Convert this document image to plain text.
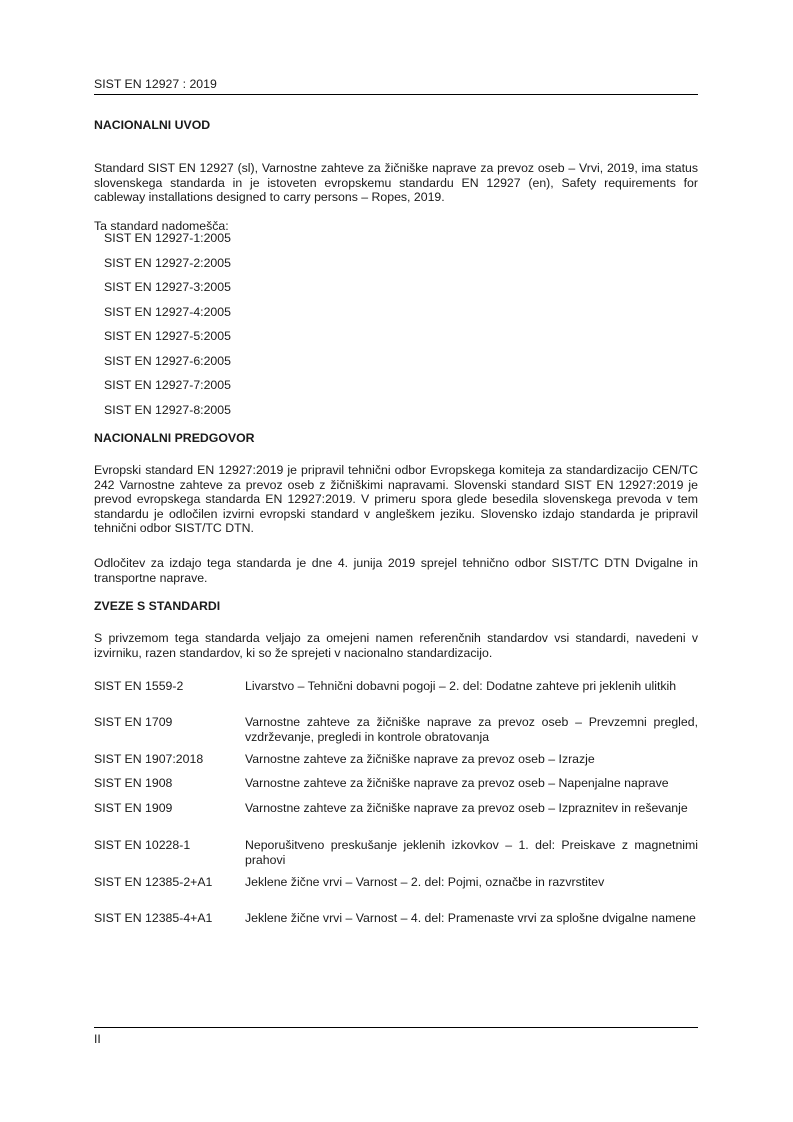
SIST EN 12927 : 2019
NACIONALNI UVOD

Standard SIST EN 12927 (sl), Varnostne zahteve za žičniške naprave za prevoz oseb – Vrvi, 2019, ima status slovenskega standarda in je istoveten evropskemu standardu EN 12927 (en), Safety requirements for cableway installations designed to carry persons – Ropes, 2019.

Ta standard nadomešča:
SIST EN 12927-1:2005
SIST EN 12927-2:2005
SIST EN 12927-3:2005
SIST EN 12927-4:2005
SIST EN 12927-5:2005
SIST EN 12927-6:2005
SIST EN 12927-7:2005
SIST EN 12927-8:2005
NACIONALNI PREDGOVOR

Evropski standard EN 12927:2019 je pripravil tehnični odbor Evropskega komiteja za standardizacijo CEN/TC 242 Varnostne zahteve za prevoz oseb z žičniškimi napravami. Slovenski standard SIST EN 12927:2019 je prevod evropskega standarda EN 12927:2019. V primeru spora glede besedila slovenskega prevoda v tem standardu je odločilen izvirni evropski standard v angleškem jeziku. Slovensko izdajo standarda je pripravil tehnični odbor SIST/TC DTN.

Odločitev za izdajo tega standarda je dne 4. junija 2019 sprejel tehnično odbor SIST/TC DTN Dvigalne in transportne naprave.

ZVEZE S STANDARDI

S privzemom tega standarda veljajo za omejeni namen referenčnih standardov vsi standardi, navedeni v izvirniku, razen standardov, ki so že sprejeti v nacionalno standardizacijo.

SIST EN 1559-2	Livarstvo – Tehnični dobavni pogoji – 2. del: Dodatne zahteve pri jeklenih ulitkih
SIST EN 1709	Varnostne zahteve za žičniške naprave za prevoz oseb – Prevzemni pregled, vzdrževanje, pregledi in kontrole obratovanja
SIST EN 1907:2018	Varnostne zahteve za žičniške naprave za prevoz oseb – Izrazje
SIST EN 1908	Varnostne zahteve za žičniške naprave za prevoz oseb – Napenjalne naprave
SIST EN 1909	Varnostne zahteve za žičniške naprave za prevoz oseb – Izpraznitev in reševanje
SIST EN 10228-1	Neporušitveno preskušanje jeklenih izkovkov – 1. del: Preiskave z magnetnimi prahovi
SIST EN 12385-2+A1	Jeklene žične vrvi – Varnost – 2. del: Pojmi, označbe in razvrstitev
SIST EN 12385-4+A1	Jeklene žične vrvi – Varnost – 4. del: Pramenaste vrvi za splošne dvigalne namene
II
